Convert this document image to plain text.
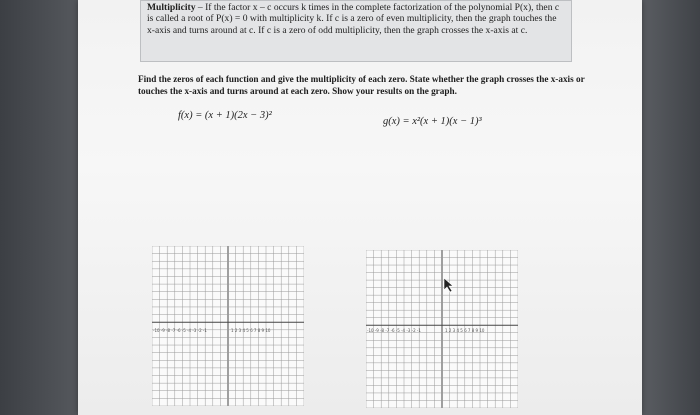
Multiplicity – If the factor x – c occurs k times in the complete factorization of the polynomial P(x), then c is called a root of P(x) = 0 with multiplicity k. If c is a zero of even multiplicity, then the graph touches the x-axis and turns around at c. If c is a zero of odd multiplicity, then the graph crosses the x-axis at c.
Find the zeros of each function and give the multiplicity of each zero. State whether the graph crosses the x-axis or touches the x-axis and turns around at each zero. Show your results on the graph.
f(x) = (x + 1)(2x − 3)²
g(x) = x²(x + 1)(x − 1)³
-10 -9 -8 -7 -6 -5 -4 -3 -2 -1	1 2 3 4 5 6 7 8 9 10	-10 -9 -8 -7 -6 -5 -4 -3 -2 -1	1 2 3 4 5 6 7 8 9 10
